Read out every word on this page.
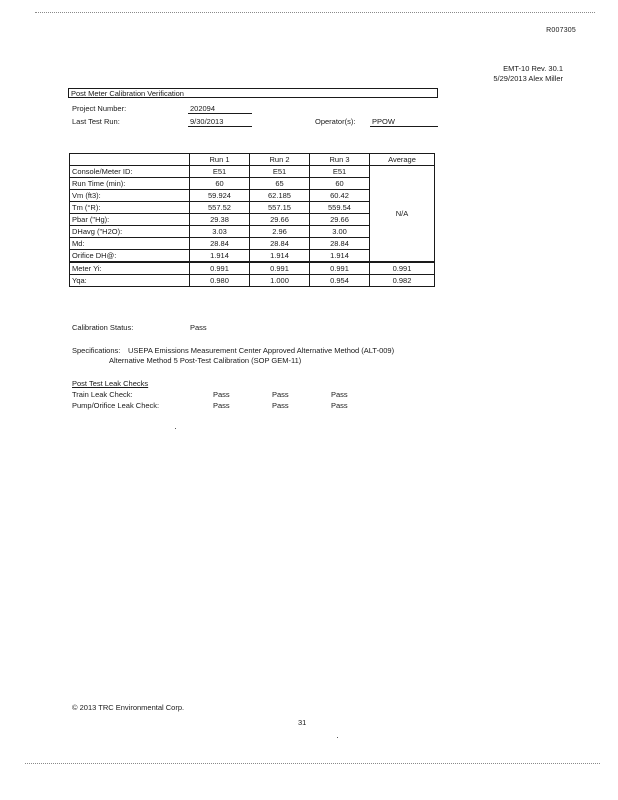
R007305
EMT-10 Rev. 30.1
5/29/2013 Alex Miller
Post Meter Calibration Verification
Project Number:	202094
Last Test Run:	9/30/2013	Operator(s): PPOW
	Run 1	Run 2	Run 3	Average
Console/Meter ID:	E51	E51	E51	N/A
Run Time (min):	60	65	60	
Vm (ft3):	59.924	62.185	60.42	
Tm (°R):	557.52	557.15	559.54	
Pbar ("Hg):	29.38	29.66	29.66	
DHavg ("H2O):	3.03	2.96	3.00	
Md:	28.84	28.84	28.84	
Orifice DH@:	1.914	1.914	1.914	
Meter Yi:	0.991	0.991	0.991	0.991
Yqa:	0.980	1.000	0.954	0.982
Calibration Status:	Pass
Specifications: USEPA Emissions Measurement Center Approved Alternative Method (ALT-009)
Alternative Method 5 Post-Test Calibration (SOP GEM-11)
Post Test Leak Checks
Train Leak Check:	Pass	Pass	Pass
Pump/Orifice Leak Check:	Pass	Pass	Pass
© 2013 TRC Environmental Corp.
31
